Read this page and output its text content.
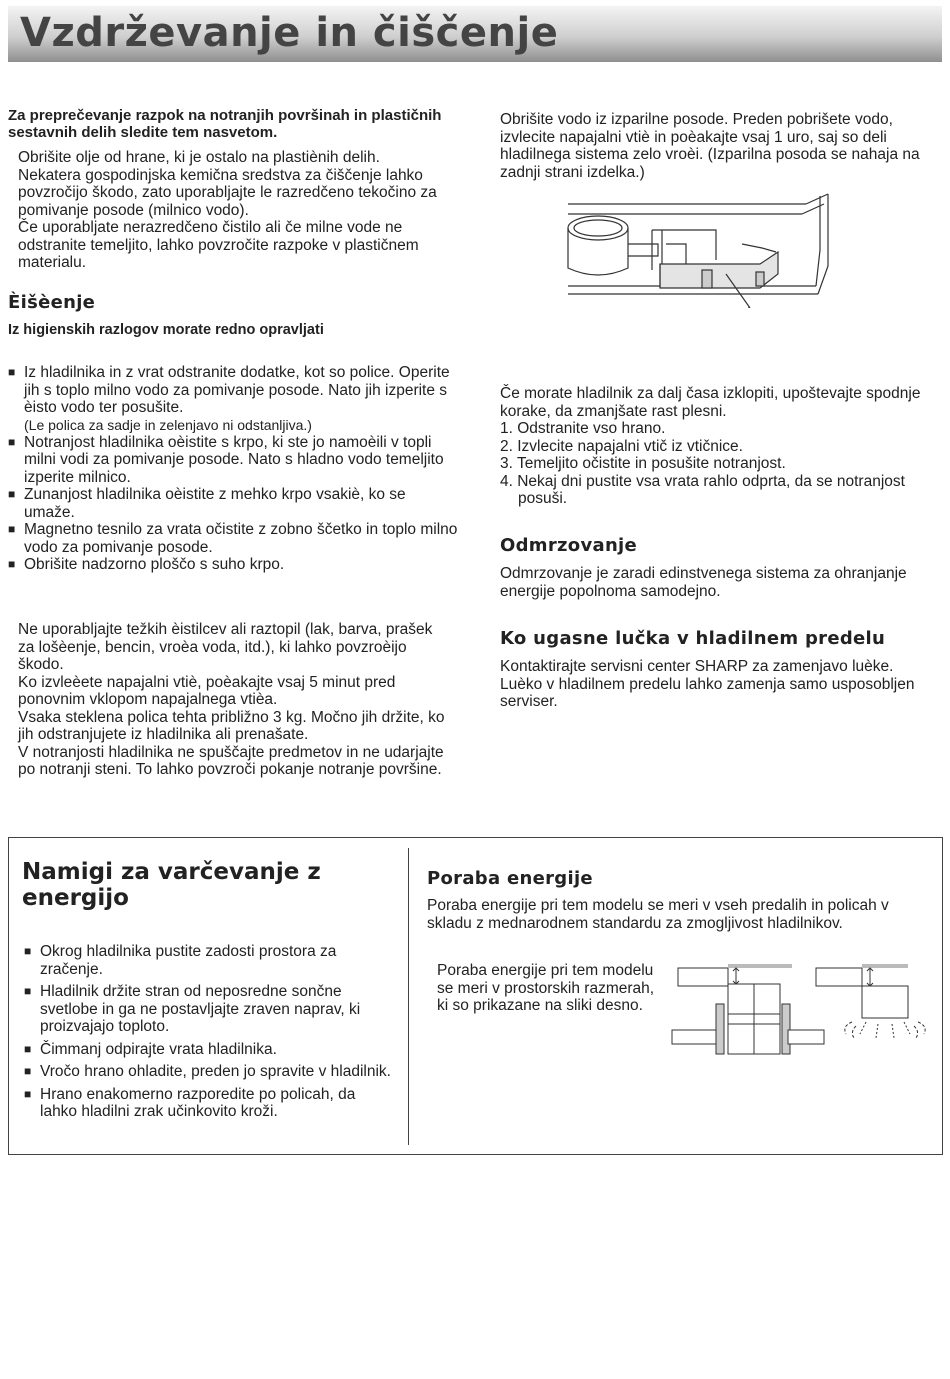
Vzdrževanje in čiščenje
Za preprečevanje razpok na notranjih površinah in plastičnih sestavnih delih sledite tem nasvetom.
Obrišite olje od hrane, ki je ostalo na plastiènih delih.
Nekatera gospodinjska kemična sredstva za čiščenje lahko povzročijo škodo, zato uporabljajte le razredčeno tekočino za pomivanje posode (milnico vodo).
Če uporabljate nerazredčeno čistilo ali če milne vode ne odstranite temeljito, lahko povzročite razpoke v plastičnem materialu.
Èišèenje
Iz higienskih razlogov morate redno opravljati
■ Iz hladilnika in z vrat odstranite dodatke, kot so police. Operite jih s toplo milno vodo za pomivanje posode. Nato jih izperite s èisto vodo ter posušite.
(Le polica za sadje in zelenjavo ni odstanljiva.)
■ Notranjost hladilnika oèistite s krpo, ki ste jo namoèili v topli milni vodi za pomivanje posode. Nato s hladno vodo temeljito izperite milnico.
■ Zunanjost hladilnika oèistite z mehko krpo vsakiè, ko se umaže.
■ Magnetno tesnilo za vrata očistite z zobno ščetko in toplo milno vodo za pomivanje posode.
■ Obrišite nadzorno ploščo s suho krpo.
Ne uporabljajte težkih èistilcev ali raztopil (lak, barva, prašek za lošèenje, bencin, vroèa voda, itd.), ki lahko povzroèijo škodo.
Ko izvleèete napajalni vtiè, poèakajte vsaj 5 minut pred ponovnim vklopom napajalnega vtièa.
Vsaka steklena polica tehta približno 3 kg. Močno jih držite, ko jih odstranjujete iz hladilnika ali prenašate.
V notranjosti hladilnika ne spuščajte predmetov in ne udarjajte po notranji steni. To lahko povzroči pokanje notranje površine.
Obrišite vodo iz izparilne posode. Preden pobrišete vodo, izvlecite napajalni vtiè in poèakajte vsaj 1 uro, saj so deli hladilnega sistema zelo vroèi. (Izparilna posoda se nahaja na zadnji strani izdelka.)
Če morate hladilnik za dalj časa izklopiti, upoštevajte spodnje korake, da zmanjšate rast plesni.
1. Odstranite vso hrano.
2. Izvlecite napajalni vtič iz vtičnice.
3. Temeljito očistite in posušite notranjost.
4. Nekaj dni pustite vsa vrata rahlo odprta, da se notranjost posuši.
Odmrzovanje
Odmrzovanje je zaradi edinstvenega sistema za ohranjanje energije popolnoma samodejno.
Ko ugasne lučka v hladilnem predelu
Kontaktirajte servisni center SHARP za zamenjavo luèke. Luèko v hladilnem predelu lahko zamenja samo usposobljen serviser.
Namigi za varčevanje z energijo
■ Okrog hladilnika pustite zadosti prostora za zračenje.
■ Hladilnik držite stran od neposredne sončne svetlobe in ga ne postavljajte zraven naprav, ki proizvajajo toploto.
■ Čimmanj odpirajte vrata hladilnika.
■ Vročo hrano ohladite, preden jo spravite v hladilnik.
■ Hrano enakomerno razporedite po policah, da lahko hladilni zrak učinkovito kroži.
Poraba energije
Poraba energije pri tem modelu se meri v vseh predalih in policah v skladu z mednarodnem standardu za zmogljivost hladilnikov.
Poraba energije pri tem modelu se meri v prostorskih razmerah, ki so prikazane na sliki desno.
